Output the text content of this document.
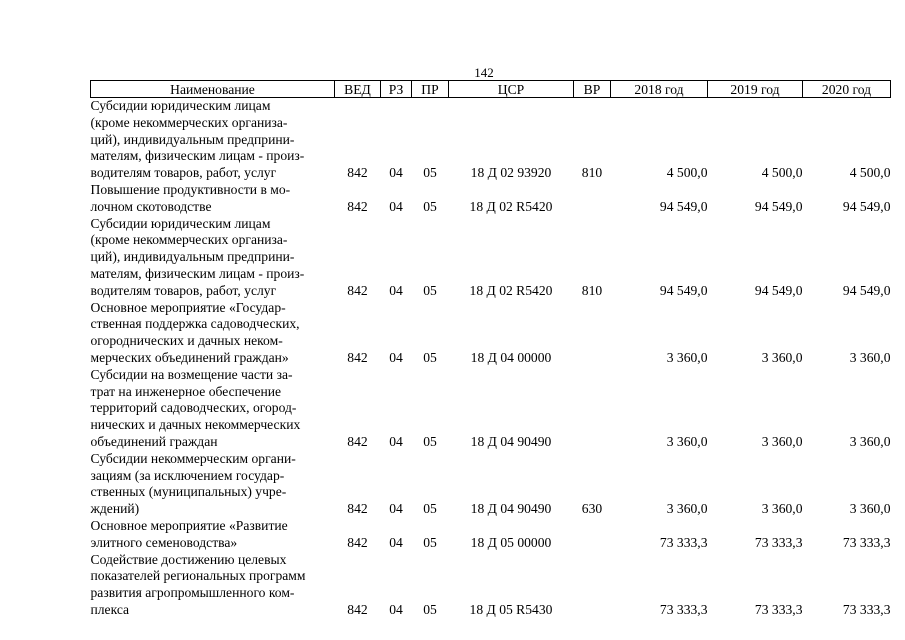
142
Наименование	ВЕД	РЗ	ПР	ЦСР	ВР	2018 год	2019 год	2020 год
Субсидии юридическим лицам
(кроме некоммерческих организа-
ций), индивидуальным предприни-
мателям, физическим лицам - произ-
водителям товаров, работ, услуг	842	04	05	18 Д 02 93920	810	4 500,0	4 500,0	4 500,0
Повышение продуктивности в мо-
лочном скотоводстве	842	04	05	18 Д 02 R5420		94 549,0	94 549,0	94 549,0
Субсидии юридическим лицам
(кроме некоммерческих организа-
ций), индивидуальным предприни-
мателям, физическим лицам - произ-
водителям товаров, работ, услуг	842	04	05	18 Д 02 R5420	810	94 549,0	94 549,0	94 549,0
Основное мероприятие «Государ-
ственная поддержка садоводческих,
огороднических и дачных неком-
мерческих объединений граждан»	842	04	05	18 Д 04 00000		3 360,0	3 360,0	3 360,0
Субсидии на возмещение части за-
трат на инженерное обеспечение
территорий садоводческих, огород-
нических и дачных некоммерческих
объединений граждан	842	04	05	18 Д 04 90490		3 360,0	3 360,0	3 360,0
Субсидии некоммерческим органи-
зациям (за исключением государ-
ственных (муниципальных) учре-
ждений)	842	04	05	18 Д 04 90490	630	3 360,0	3 360,0	3 360,0
Основное мероприятие «Развитие
элитного семеноводства»	842	04	05	18 Д 05 00000		73 333,3	73 333,3	73 333,3
Содействие достижению целевых
показателей региональных программ
развития агропромышленного ком-
плекса	842	04	05	18 Д 05 R5430		73 333,3	73 333,3	73 333,3
